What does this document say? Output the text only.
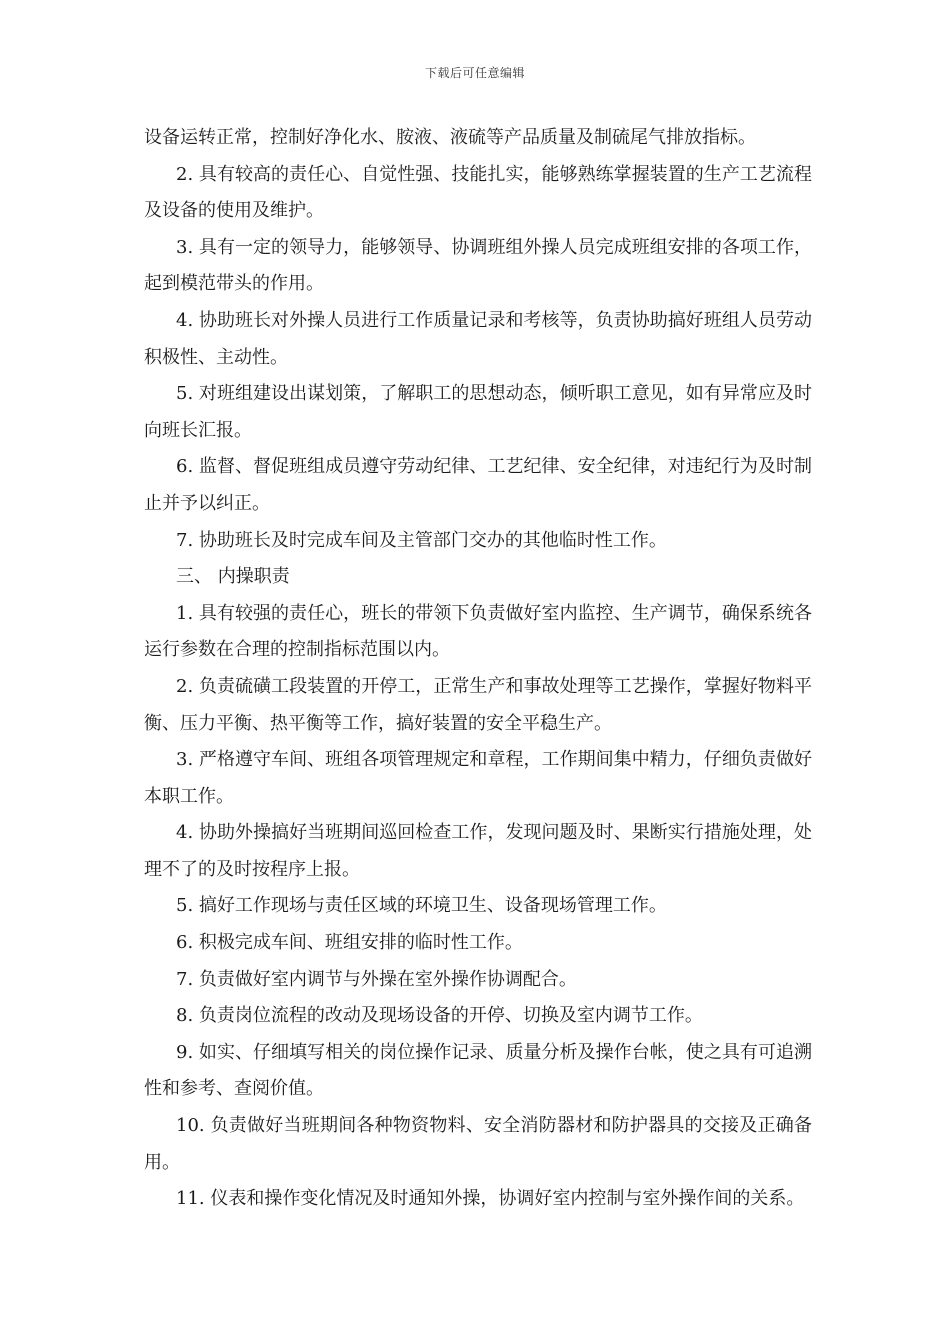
下载后可任意编辑

设备运转正常，控制好净化水、胺液、液硫等产品质量及制硫尾气排放指标。

2. 具有较高的责任心、自觉性强、技能扎实，能够熟练掌握装置的生产工艺流程及设备的使用及维护。

3. 具有一定的领导力，能够领导、协调班组外操人员完成班组安排的各项工作，起到模范带头的作用。

4. 协助班长对外操人员进行工作质量记录和考核等，负责协助搞好班组人员劳动积极性、主动性。

5. 对班组建设出谋划策，了解职工的思想动态，倾听职工意见，如有异常应及时向班长汇报。

6. 监督、督促班组成员遵守劳动纪律、工艺纪律、安全纪律，对违纪行为及时制止并予以纠正。

7. 协助班长及时完成车间及主管部门交办的其他临时性工作。

三、 内操职责

1. 具有较强的责任心，班长的带领下负责做好室内监控、生产调节，确保系统各运行参数在合理的控制指标范围以内。

2. 负责硫磺工段装置的开停工，正常生产和事故处理等工艺操作，掌握好物料平衡、压力平衡、热平衡等工作，搞好装置的安全平稳生产。

3. 严格遵守车间、班组各项管理规定和章程，工作期间集中精力，仔细负责做好本职工作。

4. 协助外操搞好当班期间巡回检查工作，发现问题及时、果断实行措施处理，处理不了的及时按程序上报。

5. 搞好工作现场与责任区域的环境卫生、设备现场管理工作。

6. 积极完成车间、班组安排的临时性工作。

7. 负责做好室内调节与外操在室外操作协调配合。

8. 负责岗位流程的改动及现场设备的开停、切换及室内调节工作。

9. 如实、仔细填写相关的岗位操作记录、质量分析及操作台帐，使之具有可追溯性和参考、查阅价值。

10. 负责做好当班期间各种物资物料、安全消防器材和防护器具的交接及正确备用。

11. 仪表和操作变化情况及时通知外操，协调好室内控制与室外操作间的关系。
